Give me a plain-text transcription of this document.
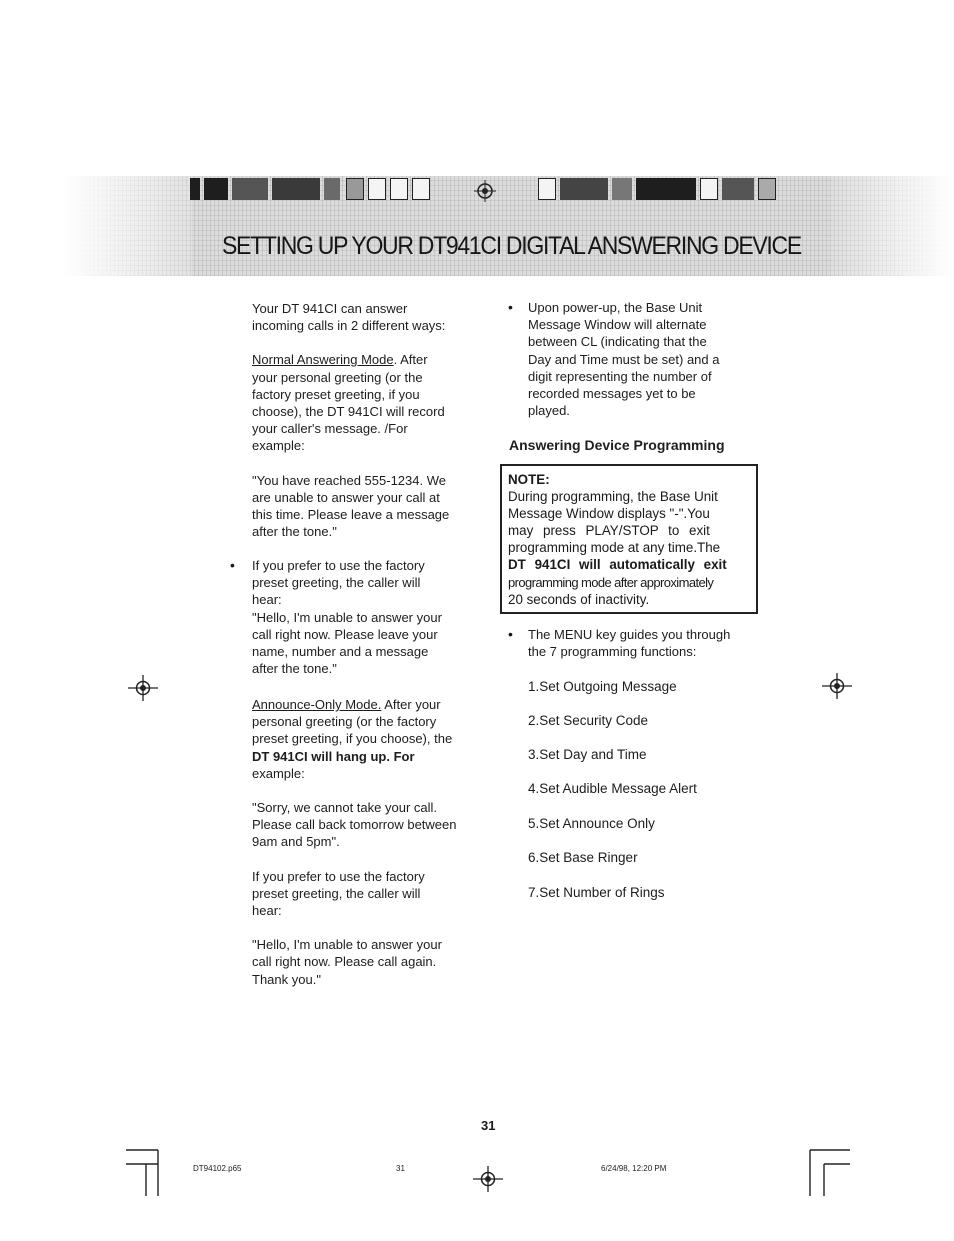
SETTING UP YOUR DT941CI DIGITAL ANSWERING DEVICE

Your DT 941CI can answer

incoming calls in 2 different ways:

Normal Answering Mode. After

your personal greeting (or the

factory preset greeting, if you

choose), the DT 941CI will record

your caller's message. /For

example:

"You have reached 555-1234. We

are unable to answer your call at

this time. Please leave a message

after the tone."

• If you prefer to use the factory

preset greeting, the caller will

hear:

"Hello, I'm unable to answer your

call right now. Please leave your

name, number and a message

after the tone."

Announce-Only Mode. After your

personal greeting (or the factory

preset greeting, if you choose), the

DT 941CI will hang up. For

example:

"Sorry, we cannot take your call.

Please call back tomorrow between

9am and 5pm".

If you prefer to use the factory

preset greeting, the caller will

hear:

"Hello, I'm unable to answer your

call right now. Please call again.

Thank you."

• Upon power-up, the Base Unit

Message Window will alternate

between CL (indicating that the

Day and Time must be set) and a

digit representing the number of

recorded messages yet to be

played.

Answering Device Programming
NOTE:
During programming, the Base Unit
Message Window displays "-".You
may press PLAY/STOP to exit
programming mode at any time.The
DT 941CI will automatically exit
programming mode after approximately
20 seconds of inactivity.
• The MENU key guides you through

the 7 programming functions:

1.Set Outgoing Message
2.Set Security Code
3.Set Day and Time
4.Set Audible Message Alert
5.Set Announce Only
6.Set Base Ringer
7.Set Number of Rings
31
DT94102.p65	31	6/24/98, 12:20 PM
